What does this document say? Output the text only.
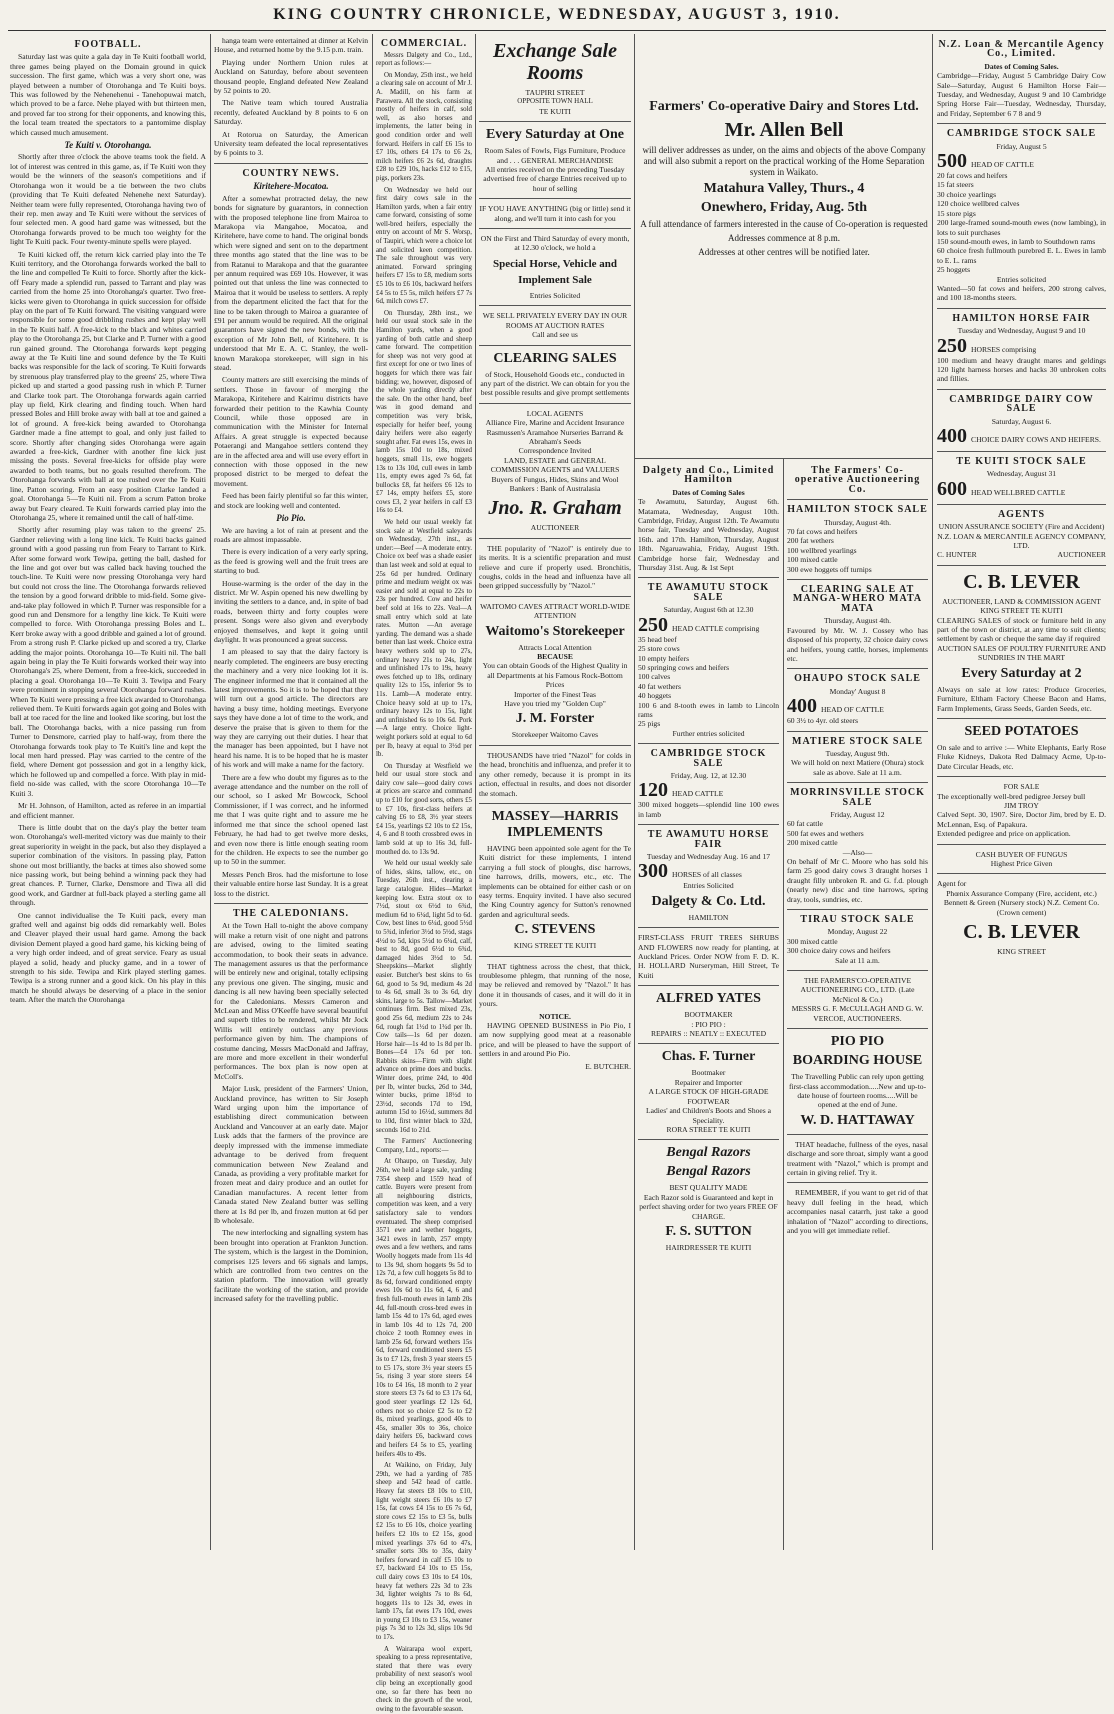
KING COUNTRY CHRONICLE, WEDNESDAY, AUGUST 3, 1910.
FOOTBALL.

Saturday last was quite a gala day in Te Kuiti football world, three games being played on the Domain ground in quick succession. The first game, which was a very short one, was played between a number of Otorohanga and Te Kuiti boys. This was followed by the Nehenehenui - Tanehopuwai match, which proved to be a farce. Nehe played with but thirteen men, and proved far too strong for their opponents, and knowing this, the local team treated the spectators to a pantomime display which caused much amusement.

Te Kuiti v. Otorohanga.

Shortly after three o'clock the above teams took the field. A lot of interest was centred in this game, as, if Te Kuiti won they would be the winners of the season's competitions and if Otorohanga won it would be a tie between the two clubs (providing that Te Kuiti defeated Nehenehe next Saturday). Neither team were fully represented, Otorohanga having two of their rep. men away and Te Kuiti were without the services of four selected men. A good hard game was witnessed, but the Otorohanga forwards proved to be much too weighty for the light Te Kuiti pack. Four twenty-minute spells were played.

Te Kuiti kicked off, the return kick carried play into the Te Kuiti territory, and the Otorohanga forwards worked the ball to the line and compelled Te Kuiti to force. Shortly after the kick-off Feary made a splendid run, passed to Tarrant and play was carried from the home 25 into Otorohanga's quarter. Two free-kicks were given to Otorohanga in quick succession for offside play on the part of Te Kuiti forward. The visiting vanguard were responsible for some good dribbling rushes and kept play well in the Te Kuiti half. A free-kick to the black and whites carried play to the Otorohanga 25, but Clarke and P. Turner with a good run gained ground. The Otorohanga forwards kept pegging away at the Te Kuiti line and sound defence by the Te Kuiti backs was responsible for the lack of scoring. Te Kuiti forwards by strenuous play transferred play to the greens' 25, where Tiwa picked up and started a good passing rush in which P. Turner and Clarke took part. The Otorohanga forwards again carried play up field, Kirk clearing and finding touch. When hard pressed Boles and Hill broke away with ball at toe and gained a lot of ground. A free-kick being awarded to Otorohanga Gardner made a fine attempt to goal, and only just failed to score. Shortly after changing sides Otorohanga were again awarded a free-kick, Gardner with another fine kick just missing the posts. Several free-kicks for offside play were awarded to both teams, but no goals resulted therefrom. The Otorohanga forwards with ball at toe rushed over the Te Kuiti line, Patton scoring. From an easy position Clarke landed a goal. Otorohanga 5—Te Kuiti nil. From a scrum Patton broke away but Feary cleared. Te Kuiti forwards carried play into the Otorohanga 25, where it remained until the call of half-time.

Shortly after resuming play was taken to the greens' 25. Gardner relieving with a long line kick. Te Kuiti backs gained ground with a good passing run from Feary to Tarrant to Kirk. After some forward work Tewipa, getting the ball, dashed for the line and got over but was called back having touched the touch-line. Te Kuiti were now pressing Otorohanga very hard but could not cross the line. The Otorohanga forwards relieved the tension by a good forward dribble to mid-field. Some give-and-take play followed in which P. Turner was responsible for a good run and Densmore for a lengthy line kick. Te Kuiti were compelled to force. With Otorohanga pressing Boles and L. Kerr broke away with a good dribble and gained a lot of ground. From a strong rush P. Clarke picked up and scored a try, Clarke adding the major points. Otorohanga 10—Te Kuiti nil. The ball again being in play the Te Kuiti forwards worked their way into Otorohanga's 25, where Dement, from a free-kick, succeeded in placing a goal. Otorohanga 10—Te Kuiti 3. Tewipa and Feary were prominent in stopping several Otorohanga forward rushes. When Te Kuiti were pressing a free kick awarded to Otorohanga relieved them. Te Kuiti forwards again got going and Boles with ball at toe raced for the line and looked like scoring, but lost the ball. The Otorohanga backs, with a nice passing run from Turner to Densmore, carried play to half-way, from there the Otorohanga forwards took play to Te Kuiti's line and kept the local men hard pressed. Play was carried to the centre of the field, where Dement got possession and got in a lengthy kick, which he followed up and compelled a force. With play in mid-field no-side was called, with the score Otorohanga 10—Te Kuiti 3.

Mr H. Johnson, of Hamilton, acted as referee in an impartial and efficient manner.

There is little doubt that on the day's play the better team won. Otorohanga's well-merited victory was due mainly to their great superiority in weight in the pack, but also they displayed a superior combination of the visitors. In passing play, Patton shone out most brilliantly, the backs at times also showed some nice passing work, but being behind a winning pack they had great chances. P. Turner, Clarke, Densmore and Tiwa all did good work, and Gardner at full-back played a sterling game all through.

One cannot individualise the Te Kuiti pack, every man grafted well and against big odds did remarkably well. Boles and Cleaver played their usual hard game. Among the back division Dement played a good hard game, his kicking being of a very high order indeed, and of great service. Feary as usual played a solid, heady and plucky game, and in a tower of strength to his side. Tewipa and Kirk played sterling games. Tewipa is a strong runner and a good kick. On his play in this match he should always be deserving of a place in the senior team. After the match the Otorohanga

hanga team were entertained at dinner at Kelvin House, and returned home by the 9.15 p.m. train.

Playing under Northern Union rules at Auckland on Saturday, before about seventeen thousand people, England defeated New Zealand by 52 points to 20.

The Native team which toured Australia recently, defeated Auckland by 8 points to 6 on Saturday.

At Rotorua on Saturday, the American University team defeated the local representatives by 6 points to 3.

COUNTRY NEWS.
Kiritehere-Mocatoa.

After a somewhat protracted delay, the new bonds for signature by guarantors, in connection with the proposed telephone line from Mairoa to Marakopa via Mangahoe, Mocatoa, and Kiritehere, have come to hand. The original bonds which were signed and sent on to the department three months ago stated that the line was to be from Ratanui to Marakopa and that the guarantee per annum required was £69 10s. However, it was pointed out that unless the line was connected to Mairoa that it would be useless to settlers. A reply from the department elicited the fact that for the line to be taken through to Mairoa a guarantee of £91 per annum would be required. All the original guarantors have signed the new bonds, with the exception of Mr John Bell, of Kiritehere. It is understood that Mr E. A. C. Stanley, the well-known Marakopa storekeeper, will sign in his stead.

County matters are still exercising the minds of settlers. Those in favour of merging the Marakopa, Kiritehere and Kairimu districts have forwarded their petition to the Kawhia County Council, while those opposed are in communication with the Minister for Internal Affairs. A great struggle is expected because Potaerangi and Mangahoe settlers contend they are in the affected area and will use every effort in connection with those opposed in the new proposed district to be merged to defeat the movement.

Feed has been fairly plentiful so far this winter, and stock are looking well and contented.

Pio Pio.

We are having a lot of rain at present and the roads are almost impassable.

There is every indication of a very early spring, as the feed is growing well and the fruit trees are starting to bud.

House-warming is the order of the day in the district. Mr W. Aspin opened his new dwelling by inviting the settlers to a dance, and, in spite of bad roads, between thirty and forty couples were present. Songs were also given and everybody enjoyed themselves, and kept it going until daylight. It was pronounced a great success.

I am pleased to say that the dairy factory is nearly completed. The engineers are busy erecting the machinery and a very nice looking lot it is. The engineer informed me that it contained all the latest improvements. So it is to be hoped that they will turn out a good article. The directors are having a busy time, holding meetings. Everyone says they have done a lot of time to the work, and deserve the praise that is given to them for the way they are carrying out their duties. I hear that the manager has been appointed, but I have not heard his name. It is to be hoped that he is master of his work and will make a name for the factory.

There are a few who doubt my figures as to the average attendance and the number on the roll of our school, so I asked Mr Bowcock, School Commissioner, if I was correct, and he informed me that I was quite right and to assure me he informed me that since the school opened last February, he had had to get twelve more desks, and even now there is little enough seating room for the children. He expects to see the number go up to 50 in the summer.

Messrs Pench Bros. had the misfortune to lose their valuable entire horse last Sunday. It is a great loss to the district.

THE CALEDONIANS.

At the Town Hall to-night the above company will make a return visit of one night and patrons are advised, owing to the limited seating accommodation, to book their seats in advance. The management assures us that the performance will be entirely new and original, totally eclipsing any previous one given. The singing, music and dancing is all new having been specially selected for the Caledonians. Messrs Cameron and McLean and Miss O'Keeffe have several beautiful and superb titles to be rendered, whilst Mr Jock Willis will entirely outclass any previous performance given by him. The champions of costume dancing, Messrs MacDonald and Jaffray, are more and more excellent in their wonderful performances. The box plan is now open at McColl's.

Major Lusk, president of the Farmers' Union, Auckland province, has written to Sir Joseph Ward urging upon him the importance of establishing direct communication between Auckland and Vancouver at an early date. Major Lusk adds that the farmers of the province are deeply impressed with the immense immediate advantage to be derived from frequent communication between New Zealand and Canada, as providing a very profitable market for frozen meat and dairy produce and an outlet for Canadian manufactures. A recent letter from Canada stated New Zealand butter was selling there at 1s 8d per lb, and frozen mutton at 6d per lb wholesale.

The new interlocking and signalling system has been brought into operation at Frankton Junction. The system, which is the largest in the Dominion, comprises 125 levers and 66 signals and lamps, which are controlled from two centres on the station platform. The innovation will greatly facilitate the working of the station, and provide increased safety for the travelling public.

COMMERCIAL.

Messrs Dalgety and Co., Ltd., report as follows:—

On Monday, 25th inst., we held a clearing sale on account of Mr J. A. Madill, on his farm at Parawera. All the stock, consisting mostly of heifers in calf, sold well, as also horses and implements, the latter being in good condition order and well forward. Heifers in calf £6 15s to £7 10s, others £4 17s to £6 2s, milch heifers £6 2s 6d, draughts £28 to £29 10s, hacks £12 to £15, pigs, porkers 23s.

On Wednesday we held our first dairy cows sale in the Hamilton yards, when a fair entry came forward, consisting of some well-bred heifers, especially the entry on account of Mr S. Worsp, of Taupiri, which were a choice lot and solicited keen competition. The sale throughout was very animated. Forward springing heifers £7 15s to £8, medium sorts £5 10s to £6 10s, backward heifers £4 5s to £5 5s, milch heifers £7 7s 6d, milch cows £7.

On Thursday, 28th inst., we held our usual stock sale in the Hamilton yards, when a good yarding of both cattle and sheep came forward. The competition for sheep was not very good at first except for one or two lines of hoggets for which there was fair bidding; we, however, disposed of the whole yarding directly after the sale. On the other hand, beef was in good demand and competition was very brisk, especially for heifer beef, young dairy heifers were also eagerly sought after. Fat ewes 15s, ewes in lamb 15s 10d to 18s, mixed hoggets, small 11s, ewe hoggets 13s to 13s 10d, cull ewes in lamb 11s, empty ewes aged 7s 6d, fat bullocks £8, fat heifers £6 12s to £7 14s, empty heifers £5, store cows £3, 2 year heifers in calf £3 16s to £4.

We held our usual weekly fat stock sale at Westfield saleyards on Wednesday, 27th inst., as under:—Beef —A moderate entry. Choice ox beef was a shade easier than last week and sold at equal to 25s 6d per hundred. Ordinary prime and medium weight ox was easier and sold at equal to 22s to 23s per hundred. Cow and heifer beef sold at 16s to 22s. Veal—A small entry which sold at late rates. Mutton —An average yarding. The demand was a shade better than last week. Choice extra heavy wethers sold up to 27s, ordinary heavy 21s to 24s, light and unfinished 17s to 19s, heavy ewes fetched up to 18s, ordinary quality 12s to 15s, inferior 9s to 11s. Lamb—A moderate entry. Choice heavy sold at up to 17s, ordinary heavy 12s to 15s, light and unfinished 6s to 10s 6d. Pork—A large entry. Choice light-weight porkers sold at equal to 6d per lb, heavy at equal to 3½d per lb.

On Thursday at Westfield we held our usual store stock and dairy cow sale—good dairy cows at prices are scarce and command up to £10 for good sorts, others £5 to £7 10s, first-class heifers at calving £6 to £8, 3½ year steers £4 15s, yearlings £2 10s to £2 15s, 4, 6 and 8 tooth crossbred ewes in lamb sold at up to 16s 3d, full-mouthed do. to 13s 9d.

We held our usual weekly sale of hides, skins, tallow, etc., on Tuesday, 26th inst., clearing a large catalogue. Hides—Market keeping low. Extra stout ox to 7½d, stout ox 6½d to 6¾d, medium 6d to 6¼d, light 5d to 6d. Cow, best lines to 6¼d, good 5½d to 5¾d, inferior 3½d to 5½d, stags 4½d to 5d, kips 5½d to 6¼d, calf, best to 8d, good 6½d to 6¾d, damaged hides 3½d to 5d. Sheepskins—Market slightly easier. Butcher's best skins to 6s 6d, good to 5s 9d, medium 4s 2d to 4s 6d, small 3s to 3s 6d, dry skins, large to 5s. Tallow—Market continues firm. Best mixed 23s, good 25s 6d, medium 22s to 24s 6d, rough fat 1½d to 1¾d per lb. Cow tails—1s 6d per dozen. Horse hair—1s 4d to 1s 8d per lb. Bones—£4 17s 6d per ton. Rabbits skins—Firm with slight advance on prime does and bucks. Winter does, prime 24d, to 40d per lb, winter bucks, 26d to 34d, winter bucks, prime 18½d to 23½d, seconds 17d to 19d, autumn 15d to 16½d, summers 8d to 10d, first winter black to 32d, seconds 16d to 21d.

The Farmers' Auctioneering Company, Ltd., reports:—

At Ohaupo, on Tuesday, July 26th, we held a large sale, yarding 7354 sheep and 1559 head of cattle. Buyers were present from all neighbouring districts, competition was keen, and a very satisfactory sale to vendors eventuated. The sheep comprised 3571 ewe and wether hoggets, 3421 ewes in lamb, 257 empty ewes and a few wethers, and rams Woolly hoggets made from 11s 4d to 13s 9d, shorn hoggets 9s 5d to 12s 7d, a few cull hoggets 5s 8d to 8s 6d, forward conditioned empty ewes 10s 6d to 11s 6d, 4, 6 and fresh full-mouth ewes in lamb 20s 4d, full-mouth cross-bred ewes in lamb 15s 4d to 17s 6d, aged ewes in lamb 10s 4d to 12s 7d, 200 choice 2 tooth Romney ewes in lamb 25s 6d, forward wethers 15s 6d, forward conditioned steers £5 3s to £7 12s, fresh 3 year steers £5 to £5 17s, store 3½ year steers £5 5s, rising 3 year store steers £4 10s to £4 16s, 18 month to 2 year store steers £3 7s 6d to £3 17s 6d, good steer yearlings £2 12s 6d, others not so choice £2 5s to £2 8s, mixed yearlings, good 40s to 45s, smaller 30s to 36s, choice dairy heifers £6, backward cows and heifers £4 5s to £5, yearling heifers 40s to 49s.

At Waikino, on Friday, July 29th, we had a yarding of 785 sheep and 542 head of cattle. Heavy fat steers £8 10s to £10, light weight steers £6 10s to £7 15s, fat cows £4 15s to £6 7s 6d, store cows £2 15s to £3 5s, bulls £2 15s to £6 10s, choice yearling heifers £2 10s to £2 15s, good mixed yearlings 37s 6d to 47s, smaller sorts 30s to 35s, dairy heifers forward in calf £5 10s to £7, backward £4 10s to £5 15s, cull dairy cows £3 10s to £4 10s, heavy fat wethers 22s 3d to 23s 3d, lighter weights 7s to 8s 6d, hoggets 11s to 12s 3d, ewes in lamb 17s, fat ewes 17s 10d, ewes in young £3 10s to £3 15s, weaner pigs 7s 3d to 12s 3d, slips 10s 9d to 17s.

A Wairarapa wool expert, speaking to a press representative, stated that there was every probability of next season's wool clip being an exceptionally good one, so far there has been no check in the growth of the wool, owing to the favourable season.

Exchange Sale Rooms
TAUPIRI STREET
OPPOSITE TOWN HALL
TE KUITI
Every Saturday at One
Room Sales of Fowls, Figs Furniture, Produce and . . . GENERAL MERCHANDISE
All entries received on the preceding Tuesday advertised free of charge Entries received up to hour of selling
IF YOU HAVE ANYTHING (big or little) send it along, and we'll turn it into cash for you
ON the First and Third Saturday of every month, at 12.30 o'clock, we hold a
Special Horse, Vehicle and Implement Sale
Entries Solicited
WE SELL PRIVATELY EVERY DAY IN OUR ROOMS AT AUCTION RATES
Call and see us
CLEARING SALES
of Stock, Household Goods etc., conducted in any part of the district. We can obtain for you the best possible results and give prompt settlements
LOCAL AGENTS
Alliance Fire, Marine and Accident Insurance Rasmussen's Aramahoe Nurseries Barrand & Abraham's Seeds
Correspondence Invited
LAND, ESTATE and GENERAL COMMISSION AGENTS and VALUERS
Buyers of Fungus, Hides, Skins and Wool
Bankers : Bank of Australasia
Jno. R. Graham
AUCTIONEER

THE popularity of "Nazol" is entirely due to its merits. It is a scientific preparation and must relieve and cure if properly used. Bronchitis, coughs, colds in the head and influenza have all been gripped successfully by "Nazol."

WAITOMO CAVES ATTRACT WORLD-WIDE ATTENTION
Waitomo's Storekeeper
Attracts Local Attention
BECAUSE
You can obtain Goods of the Highest Quality in all Departments at his Famous Rock-Bottom Prices
Importer of the Finest Teas
Have you tried my "Golden Cup"
J. M. Forster
Storekeeper Waitomo Caves

THOUSANDS have tried "Nazol" for colds in the head, bronchitis and influenza, and prefer it to any other remedy, because it is prompt in its action, effectual in results, and does not disorder the stomach.

MASSEY—HARRIS IMPLEMENTS

HAVING been appointed sole agent for the Te Kuiti district for these implements, I intend carrying a full stock of ploughs, disc harrows, tine harrows, drills, mowers, etc., etc. The implements can be obtained for either cash or on easy terms. Enquiry invited. I have also secured the King Country agency for Sutton's renowned garden and agricultural seeds.

C. STEVENS
KING STREET TE KUITI

THAT tightness across the chest, that thick, troublesome phlegm, that running of the nose, may be relieved and removed by "Nazol." It has done it in thousands of cases, and it will do it in yours.

NOTICE.

HAVING OPENED BUSINESS in Pio Pio, I am now supplying good meat at a reasonable price, and will be pleased to have the support of settlers in and around Pio Pio.

E. BUTCHER.
Farmers' Co-operative Dairy and Stores Ltd.
Mr. Allen Bell

will deliver addresses as under, on the aims and objects of the above Company and will also submit a report on the practical working of the Home Separation system in Waikato.

Matahura Valley, Thurs., 4
Onewhero, Friday, Aug. 5th

A full attendance of farmers interested in the cause of Co-operation is requested

Addresses commence at 8 p.m.

Addresses at other centres will be notified later.

Dalgety and Co., Limited Hamilton
Dates of Coming Sales
Te Awamutu, Saturday, August 6th. Matamata, Wednesday, August 10th. Cambridge, Friday, August 12th. Te Awamutu horse fair, Tuesday and Wednesday, August 16th. and 17th. Hamilton, Thursday, August 18th. Ngaruawahia, Friday, August 19th. Cambridge horse fair, Wednesday and Thursday 31st. Aug. & 1st Sept
TE AWAMUTU STOCK SALE
Saturday, August 6th at 12.30
250 HEAD CATTLE comprising
35 head beef
25 store cows
10 empty heifers
50 springing cows and heifers
100 calves
40 fat wethers
40 hoggets
100 6 and 8-tooth ewes in lamb to Lincoln rams
25 pigs
Further entries solicited
CAMBRIDGE STOCK SALE
Friday, Aug. 12, at 12.30
120 HEAD CATTLE
300 mixed hoggets—splendid line 100 ewes in lamb
TE AWAMUTU HORSE FAIR
Tuesday and Wednesday Aug. 16 and 17
300 HORSES of all classes
Entries Solicited
Dalgety & Co. Ltd.
HAMILTON
FIRST-CLASS FRUIT TREES SHRUBS AND FLOWERS now ready for planting, at Auckland Prices. Order NOW from F. D. K. H. HOLLARD Nurseryman, Hill Street, Te Kuiti
ALFRED YATES
BOOTMAKER
: PIO PIO :
REPAIRS :: NEATLY :: EXECUTED
Chas. F. Turner
Bootmaker
Repairer and Importer
A LARGE STOCK OF HIGH-GRADE FOOTWEAR
Ladies' and Children's Boots and Shoes a Speciality.
RORA STREET TE KUITI
Bengal Razors
Bengal Razors
BEST QUALITY MADE
Each Razor sold is Guaranteed and kept in perfect shaving order for two years FREE OF CHARGE.
F. S. SUTTON
HAIRDRESSER TE KUITI
The Farmers' Co-operative Auctioneering Co.
HAMILTON STOCK SALE
Thursday, August 4th.
70 fat cows and heifers
200 fat wethers
100 wellbred yearlings
100 mixed cattle
300 ewe hoggets off turnips
CLEARING SALE AT MANGA-WHERO MATA MATA
Thursday, August 4th.
Favoured by Mr. W. J. Cossey who has disposed of his property, 32 choice dairy cows and heifers, young cattle, horses, implements etc.
OHAUPO STOCK SALE
Monday' August 8
400 HEAD OF CATTLE
60 3½ to 4yr. old steers
MATIERE STOCK SALE
Tuesday, August 9th.
We will hold on next Matiere (Ohura) stock sale as above. Sale at 11 a.m.
MORRINSVILLE STOCK SALE
Friday, August 12
60 fat cattle
500 fat ewes and wethers
200 mixed cattle
—Also—
On behalf of Mr C. Moore who has sold his farm 25 good dairy cows 3 draught horses 1 draught filly unbroken R. and G. f.d. plough (nearly new) disc and tine harrows, spring dray, tools, sundries, etc.
TIRAU STOCK SALE
Monday, August 22
300 mixed cattle
300 choice dairy cows and heifers
Sale at 11 a.m.
THE FARMERS'CO-OPERATIVE AUCTIONEERING CO., LTD. (Late McNicol & Co.)
MESSRS G. F. McCULLAGH AND G. W. VERCOE, AUCTIONEERS.
PIO PIO
BOARDING HOUSE
The Travelling Public can rely upon getting first-class accommodation.....New and up-to-date house of fourteen rooms.....Will be opened at the end of June.
W. D. HATTAWAY

THAT headache, fullness of the eyes, nasal discharge and sore throat, simply want a good treatment with "Nazol," which is prompt and certain in giving relief. Try it.

REMEMBER, if you want to get rid of that heavy dull feeling in the head, which accompanies nasal catarrh, just take a good inhalation of "Nazol" according to directions, and you will get immediate relief.

N.Z. Loan & Mercantile Agency Co., Limited.
Dates of Coming Sales.
Cambridge—Friday, August 5 Cambridge Dairy Cow Sale—Saturday, August 6 Hamilton Horse Fair—Tuesday, and Wednesday, August 9 and 10 Cambridge Spring Horse Fair—Tuesday, Wednesday, Thursday, and Friday, September 6 7 8 and 9
CAMBRIDGE STOCK SALE
Friday, August 5
500 HEAD OF CATTLE
20 fat cows and heifers
15 fat steers
30 choice yearlings
120 choice wellbred calves
15 store pigs
200 large-framed sound-mouth ewes (now lambing), in lots to suit purchases
150 sound-mouth ewes, in lamb to Southdown rams
60 choice fresh fullmouth purebred E. L. Ewes in lamb to E. L. rams
25 hoggets
Entries solicited
Wanted—50 fat cows and heifers, 200 strong calves, and 100 18-months steers.
HAMILTON HORSE FAIR
Tuesday and Wednesday, August 9 and 10
250 HORSES comprising
100 medium and heavy draught mares and geldings 120 light harness horses and hacks 30 unbroken colts and fillies.
CAMBRIDGE DAIRY COW SALE
Saturday, August 6.
400 CHOICE DAIRY COWS AND HEIFERS.
TE KUITI STOCK SALE
Wednesday, August 31
600 HEAD WELLBRED CATTLE
AGENTS
UNION ASSURANCE SOCIETY (Fire and Accident)
N.Z. LOAN & MERCANTILE AGENCY COMPANY, LTD.
C. HUNTER	AUCTIONEER
C. B. LEVER
AUCTIONEER, LAND & COMMISSION AGENT
KING STREET TE KUITI
CLEARING SALES of stock or furniture held in any part of the town or district, at any time to suit clients; settlement by cash or cheque the same day if required
AUCTION SALES OF POULTRY FURNITURE AND SUNDRIES IN THE MART
Every Saturday at 2
Always on sale at low rates: Produce Groceries, Furniture, Eltham Factory Cheese Bacon and Hams, Farm Implements, Grass Seeds, Garden Seeds, etc.
SEED POTATOES
On sale and to arrive :— White Elephants, Early Rose Fluke Kidneys, Dakota Red Dalmacy Acme, Up-to-Date Circular Heads, etc.
FOR SALE
The exceptionally well-bred pedigree Jersey bull
JIM TROY
Calved Sept. 30, 1907. Sire, Doctor Jim, bred by E. D. McLennan, Esq. of Papakura.
Extended pedigree and price on application.
CASH BUYER OF FUNGUS
Highest Price Given
Agent for
Phœnix Assurance Company (Fire, accident, etc.) Bennett & Green (Nursery stock) N.Z. Cement Co. (Crown cement)
C. B. LEVER
KING STREET
